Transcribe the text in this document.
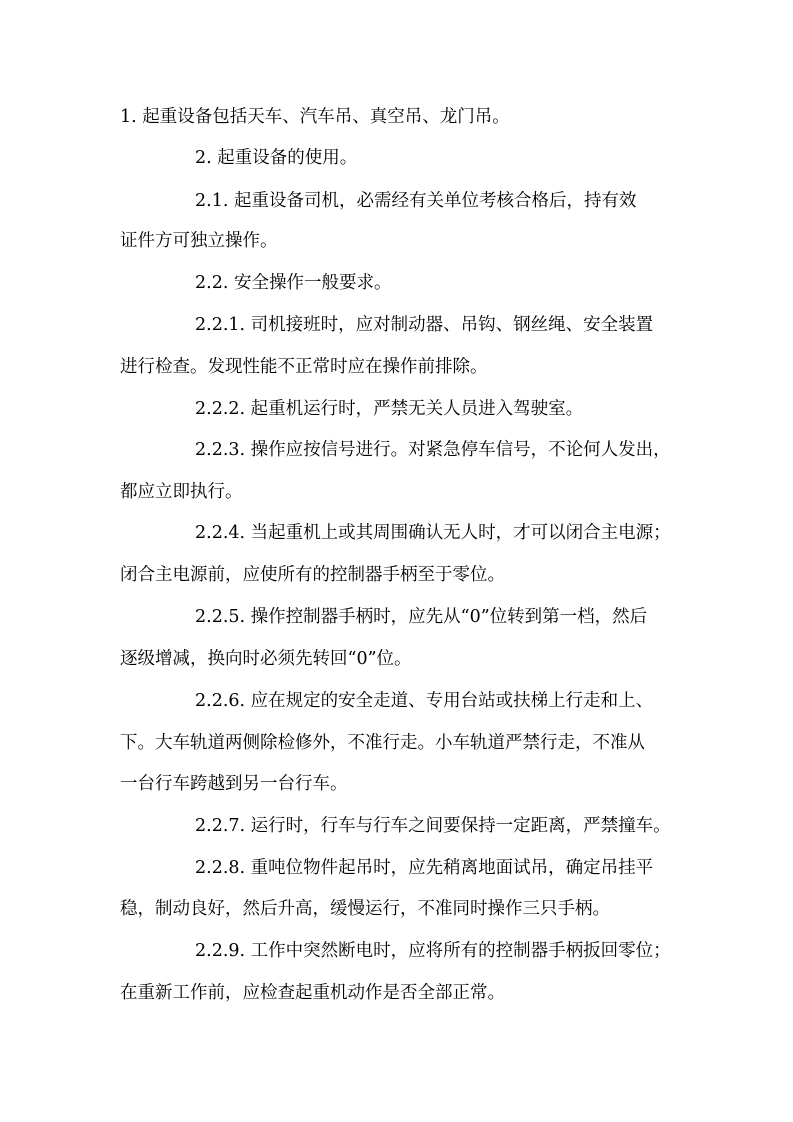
1. 起重设备包括天车、汽车吊、真空吊、龙门吊。
2. 起重设备的使用。
2.1. 起重设备司机，必需经有关单位考核合格后，持有效
证件方可独立操作。
2.2. 安全操作一般要求。
2.2.1. 司机接班时，应对制动器、吊钩、钢丝绳、安全装置
进行检查。发现性能不正常时应在操作前排除。
2.2.2. 起重机运行时，严禁无关人员进入驾驶室。
2.2.3. 操作应按信号进行。对紧急停车信号，不论何人发出，
都应立即执行。
2.2.4. 当起重机上或其周围确认无人时，才可以闭合主电源；
闭合主电源前，应使所有的控制器手柄至于零位。
2.2.5. 操作控制器手柄时，应先从“0”位转到第一档，然后
逐级增减，换向时必须先转回“0”位。
2.2.6. 应在规定的安全走道、专用台站或扶梯上行走和上、
下。大车轨道两侧除检修外，不准行走。小车轨道严禁行走，不准从
一台行车跨越到另一台行车。
2.2.7. 运行时，行车与行车之间要保持一定距离，严禁撞车。
2.2.8. 重吨位物件起吊时，应先稍离地面试吊，确定吊挂平
稳，制动良好，然后升高，缓慢运行，不准同时操作三只手柄。
2.2.9. 工作中突然断电时，应将所有的控制器手柄扳回零位；
在重新工作前，应检查起重机动作是否全部正常。
